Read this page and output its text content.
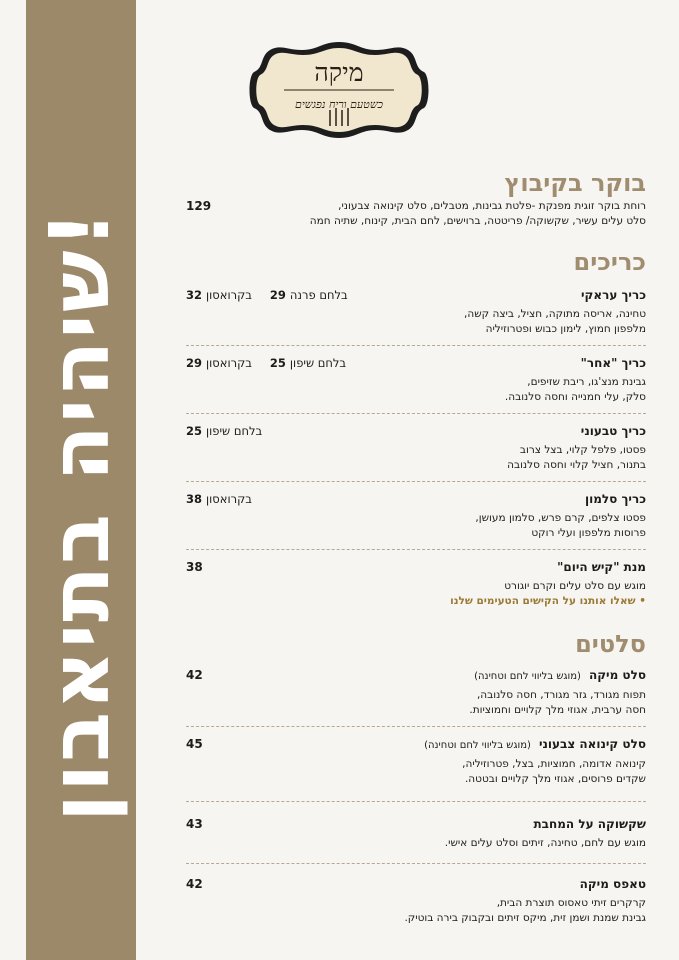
שיהיה בתיאבון!
מיקה
כשטעם וריח נפגשים
בוקר בקיבוץ
129	רוחת בוקר זוגית מפנקת -פלטת גבינות, מטבלים, סלט קינואה צבעוני,
סלט עלים עשיר, שקשוקה/ פריטטה, ברוישים, לחם הבית, קינוח, שתיה חמה
כריכים
כריך עראקי
בלחם פרנה 29
בקרואסון 32
טחינה, אריסה מתוקה, חציל, ביצה קשה,
מלפפון חמוץ, לימון כבוש ופטרוזיליה
כריך "אחר"
בלחם שיפון 25
בקרואסון 29
גבינת מנצ'גו, ריבת שזיפים,
סלק, עלי חמנייה וחסה סלנובה.
כריך טבעוני
בלחם שיפון 25
פסטו, פלפל קלוי, בצל צרוב
בתנור, חציל קלוי וחסה סלנובה
כריך סלמון
בקרואסון 38
פסטו צלפים, קרם פרש, סלמון מעושן,
פרוסות מלפפון ועלי רוקט
מנת "קיש היום"
38
מוגש עם סלט עלים וקרם יוגורט
• שאלו אותנו על הקישים הטעימים שלנו
סלטים
סלט מיקה
(מוגש בליווי לחם וטחינה)
42
תפוח מגורד, גזר מגורד, חסה סלנובה,
חסה ערבית, אגוזי מלך קלויים וחמוציות.
סלט קינואה צבעוני
(מוגש בליווי לחם וטחינה)
45
קינואה אדומה, חמוציות, בצל, פטרוזיליה,
שקדים פרוסים, אגוזי מלך קלויים ובטטה.
שקשוקה על המחבת
43
מוגש עם לחם, טחינה, זיתים וסלט עלים אישי.
טאפס מיקה
42
קרקרים זיתי טאסוס תוצרת הבית,
גבינת שמנת ושמן זית, מיקס זיתים ובקבוק בירה בוטיק.
